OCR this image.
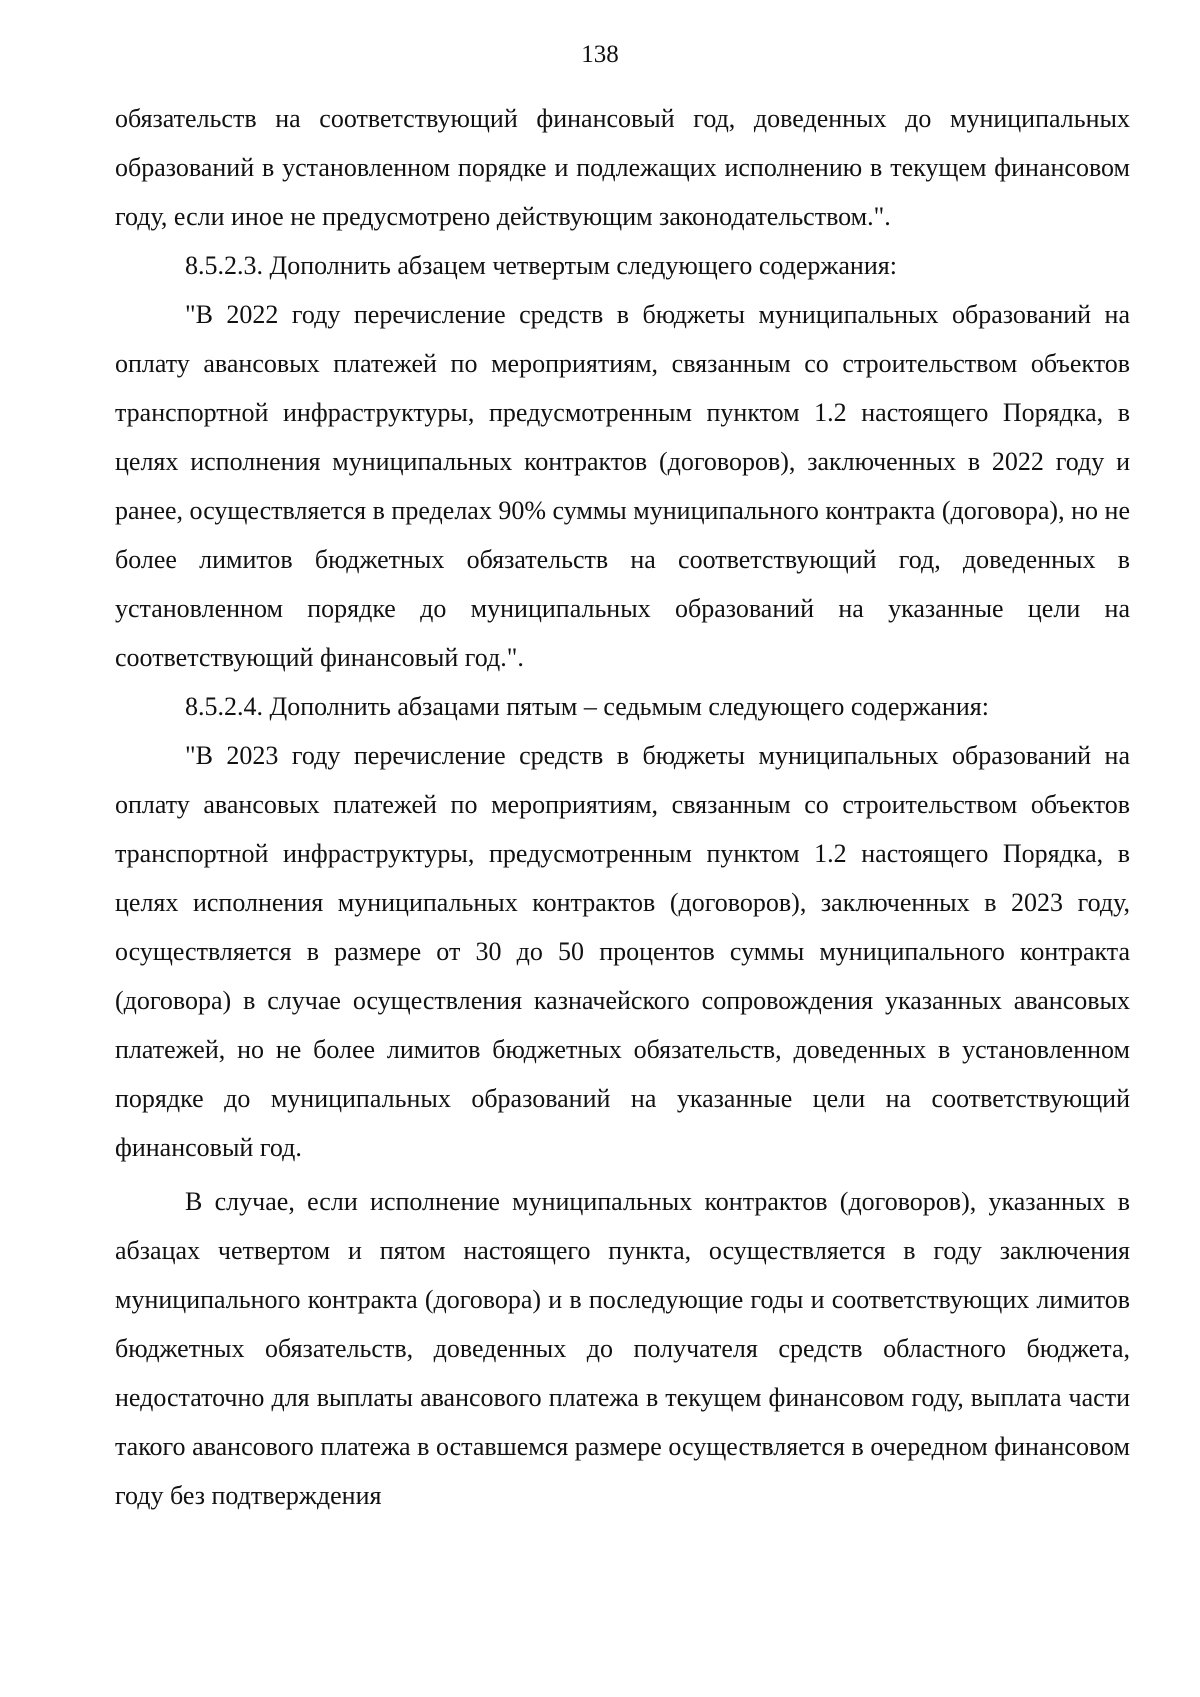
138

обязательств на соответствующий финансовый год, доведенных до муниципальных образований в установленном порядке и подлежащих исполнению в текущем финансовом году, если иное не предусмотрено действующим законодательством.".

8.5.2.3. Дополнить абзацем четвертым следующего содержания:

"В 2022 году перечисление средств в бюджеты муниципальных образований на оплату авансовых платежей по мероприятиям, связанным со строительством объектов транспортной инфраструктуры, предусмотренным пунктом 1.2 настоящего Порядка, в целях исполнения муниципальных контрактов (договоров), заключенных в 2022 году и ранее, осуществляется в пределах 90% суммы муниципального контракта (договора), но не более лимитов бюджетных обязательств на соответствующий год, доведенных в установленном порядке до муниципальных образований на указанные цели на соответствующий финансовый год.".

8.5.2.4. Дополнить абзацами пятым – седьмым следующего содержания:

"В 2023 году перечисление средств в бюджеты муниципальных образований на оплату авансовых платежей по мероприятиям, связанным со строительством объектов транспортной инфраструктуры, предусмотренным пунктом 1.2 настоящего Порядка, в целях исполнения муниципальных контрактов (договоров), заключенных в 2023 году, осуществляется в размере от 30 до 50 процентов суммы муниципального контракта (договора) в случае осуществления казначейского сопровождения указанных авансовых платежей, но не более лимитов бюджетных обязательств, доведенных в установленном порядке до муниципальных образований на указанные цели на соответствующий финансовый год.

В случае, если исполнение муниципальных контрактов (договоров), указанных в абзацах четвертом и пятом настоящего пункта, осуществляется в году заключения муниципального контракта (договора) и в последующие годы и соответствующих лимитов бюджетных обязательств, доведенных до получателя средств областного бюджета, недостаточно для выплаты авансового платежа в текущем финансовом году, выплата части такого авансового платежа в оставшемся размере осуществляется в очередном финансовом году без подтверждения
